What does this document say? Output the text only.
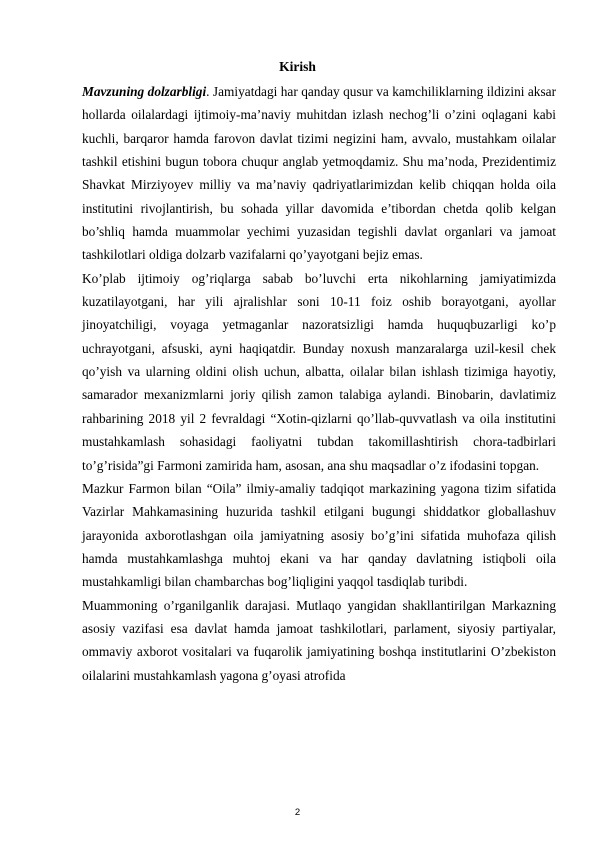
Kirish

Mavzuning dolzarbligi. Jamiyatdagi har qanday qusur va kamchiliklarning ildizini aksar hollarda oilalardagi ijtimoiy-ma’naviy muhitdan izlash nechog’li o’zini oqlagani kabi kuchli, barqaror hamda farovon davlat tizimi negizini ham, avvalo, mustahkam oilalar tashkil etishini bugun tobora chuqur anglab yetmoqdamiz. Shu ma’noda, Prezidentimiz Shavkat Mirziyoyev milliy va ma’naviy qadriyatlarimizdan kelib chiqqan holda oila institutini rivojlantirish, bu sohada yillar davomida e’tibordan chetda qolib kelgan bo’shliq hamda muammolar yechimi yuzasidan tegishli davlat organlari va jamoat tashkilotlari oldiga dolzarb vazifalarni qo’yayotgani bejiz emas.

Ko’plab ijtimoiy og’riqlarga sabab bo’luvchi erta nikohlarning jamiyatimizda kuzatilayotgani, har yili ajralishlar soni 10-11 foiz oshib borayotgani, ayollar jinoyatchiligi, voyaga yetmaganlar nazoratsizligi hamda huquqbuzarligi ko’p uchrayotgani, afsuski, ayni haqiqatdir. Bunday noxush manzaralarga uzil-kesil chek qo’yish va ularning oldini olish uchun, albatta, oilalar bilan ishlash tizimiga hayotiy, samarador mexanizmlarni joriy qilish zamon talabiga aylandi. Binobarin, davlatimiz rahbarining 2018 yil 2 fevraldagi “Xotin-qizlarni qo’llab-quvvatlash va oila institutini mustahkamlash sohasidagi faoliyatni tubdan takomillashtirish chora-tadbirlari to’g’risida”gi Farmoni zamirida ham, asosan, ana shu maqsadlar o’z ifodasini topgan.

Mazkur Farmon bilan “Oila” ilmiy-amaliy tadqiqot markazining yagona tizim sifatida Vazirlar Mahkamasining huzurida tashkil etilgani bugungi shiddatkor globallashuv jarayonida axborotlashgan oila jamiyatning asosiy bo’g’ini sifatida muhofaza qilish hamda mustahkamlashga muhtoj ekani va har qanday davlatning istiqboli oila mustahkamligi bilan chambarchas bog’liqligini yaqqol tasdiqlab turibdi.

Muammoning o’rganilganlik darajasi. Mutlaqo yangidan shakllantirilgan Markazning asosiy vazifasi esa davlat hamda jamoat tashkilotlari, parlament, siyosiy partiyalar, ommaviy axborot vositalari va fuqarolik jamiyatining boshqa institutlarini O’zbekiston oilalarini mustahkamlash yagona g’oyasi atrofida

2
